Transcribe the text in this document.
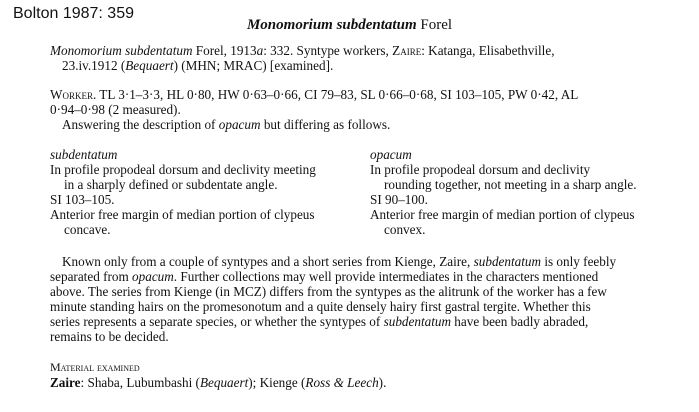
Bolton 1987: 359
Monomorium subdentatum Forel
Monomorium subdentatum Forel, 1913a: 332. Syntype workers, Zaire: Katanga, Elisabethville,
23.iv.1912 (Bequaert) (MHN; MRAC) [examined].
Worker. TL 3·1–3·3, HL 0·80, HW 0·63–0·66, CI 79–83, SL 0·66–0·68, SI 103–105, PW 0·42, AL
0·94–0·98 (2 measured).
Answering the description of opacum but differing as follows.
subdentatum
In profile propodeal dorsum and declivity meeting
in a sharply defined or subdentate angle.
SI 103–105.
Anterior free margin of median portion of clypeus
concave.
opacum
In profile propodeal dorsum and declivity
rounding together, not meeting in a sharp angle.
SI 90–100.
Anterior free margin of median portion of clypeus
convex.
Known only from a couple of syntypes and a short series from Kienge, Zaire, subdentatum is only feebly
separated from opacum. Further collections may well provide intermediates in the characters mentioned
above. The series from Kienge (in MCZ) differs from the syntypes as the alitrunk of the worker has a few
minute standing hairs on the promesonotum and a quite densely hairy first gastral tergite. Whether this
series represents a separate species, or whether the syntypes of subdentatum have been badly abraded,
remains to be decided.
Material examined
Zaire: Shaba, Lubumbashi (Bequaert); Kienge (Ross & Leech).
